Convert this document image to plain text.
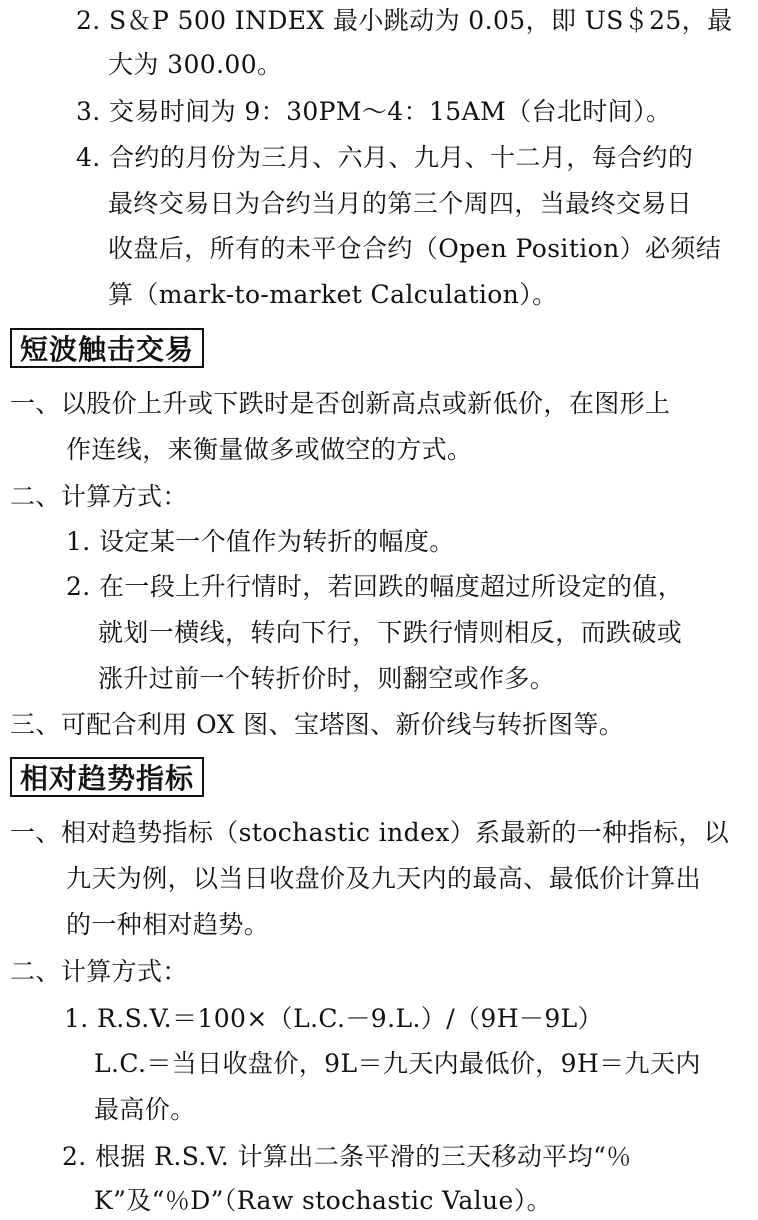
2. S＆P 500 INDEX 最小跳动为 0.05，即 US＄25，最
大为 300.00。
3. 交易时间为 9：30PM～4：15AM（台北时间）。
4. 合约的月份为三月、六月、九月、十二月，每合约的
最终交易日为合约当月的第三个周四，当最终交易日
收盘后，所有的未平仓合约（Open Position）必须结
算（mark-to-market Calculation）。
短波触击交易
一、以股价上升或下跌时是否创新高点或新低价，在图形上
作连线，来衡量做多或做空的方式。
二、计算方式：
1. 设定某一个值作为转折的幅度。
2. 在一段上升行情时，若回跌的幅度超过所设定的值，
就划一横线，转向下行，下跌行情则相反，而跌破或
涨升过前一个转折价时，则翻空或作多。
三、可配合利用 OX 图、宝塔图、新价线与转折图等。
相对趋势指标
一、相对趋势指标（stochastic index）系最新的一种指标，以
九天为例，以当日收盘价及九天内的最高、最低价计算出
的一种相对趋势。
二、计算方式：
1. R.S.V.＝100×（L.C.－9.L.）/（9H－9L）
L.C.＝当日收盘价，9L＝九天内最低价，9H＝九天内
最高价。
2. 根据 R.S.V. 计算出二条平滑的三天移动平均“％
K”及“％D”（Raw stochastic Value）。
